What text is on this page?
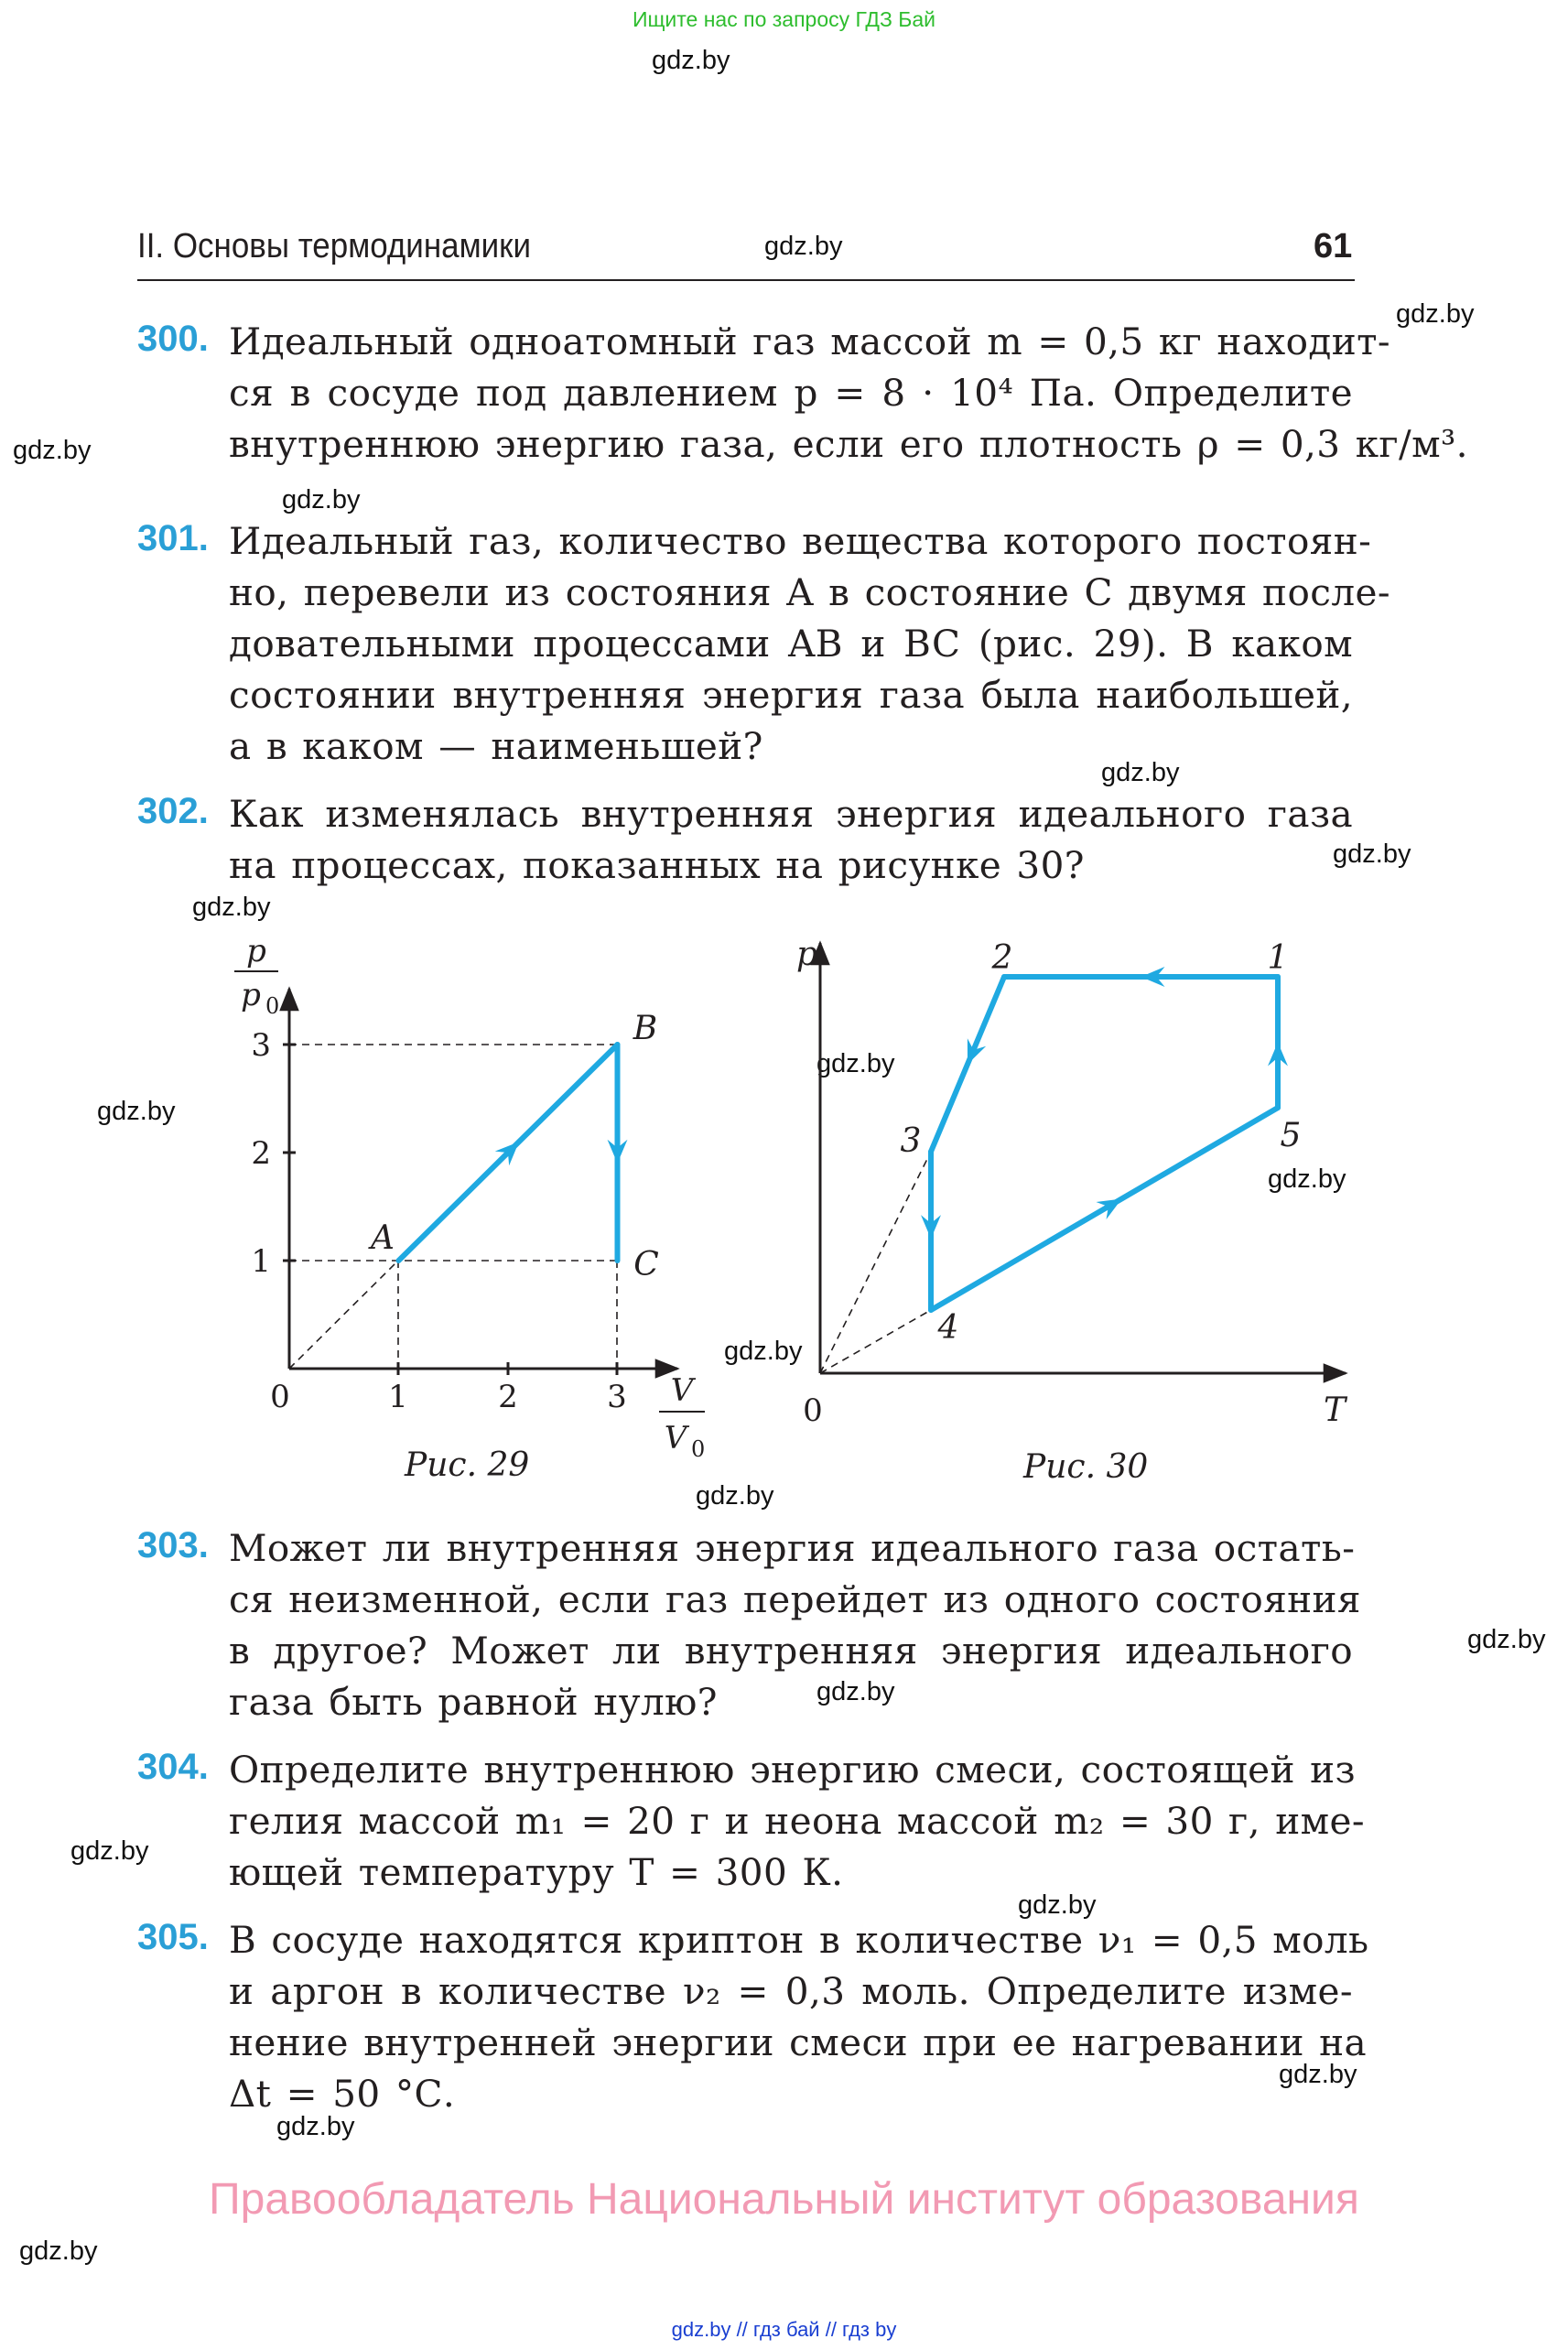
Ищите нас по запросу ГДЗ Бай
gdz.by
gdz.by
gdz.by
gdz.by
gdz.by
gdz.by
gdz.by
gdz.by
gdz.by
gdz.by
gdz.by
gdz.by
gdz.by
gdz.by
gdz.by
gdz.by
gdz.by
gdz.by
gdz.by
gdz.by
II. Основы термодинамики	61
300. Идеальный одноатомный газ массой m = 0,5 кг находит-
ся в сосуде под давлением p = 8 · 10⁴ Па. Определите
внутреннюю энергию газа, если его плотность ρ = 0,3 кг/м³.
301. Идеальный газ, количество вещества которого постоян-
но, перевели из состояния A в состояние C двумя после-
довательными процессами AB и BC (рис. 29). В каком
состоянии внутренняя энергия газа была наибольшей,
а в каком — наименьшей?
302. Как изменялась внутренняя энергия идеального газа
на процессах, показанных на рисунке 30?
0	1	2	3
1
2
3
p
p 0
V
V 0
A
B
C
Рис. 29
p
T
0
1
2
3
4
5
Рис. 30
303. Может ли внутренняя энергия идеального газа остать-
ся неизменной, если газ перейдет из одного состояния
в другое? Может ли внутренняя энергия идеального
газа быть равной нулю?
304. Определите внутреннюю энергию смеси, состоящей из
гелия массой m₁ = 20 г и неона массой m₂ = 30 г, име-
ющей температуру T = 300 К.
305. В сосуде находятся криптон в количестве ν₁ = 0,5 моль
и аргон в количестве ν₂ = 0,3 моль. Определите изме-
нение внутренней энергии смеси при ее нагревании на
Δt = 50 °С.
Правообладатель Национальный институт образования
gdz.by // гдз бай // гдз by
